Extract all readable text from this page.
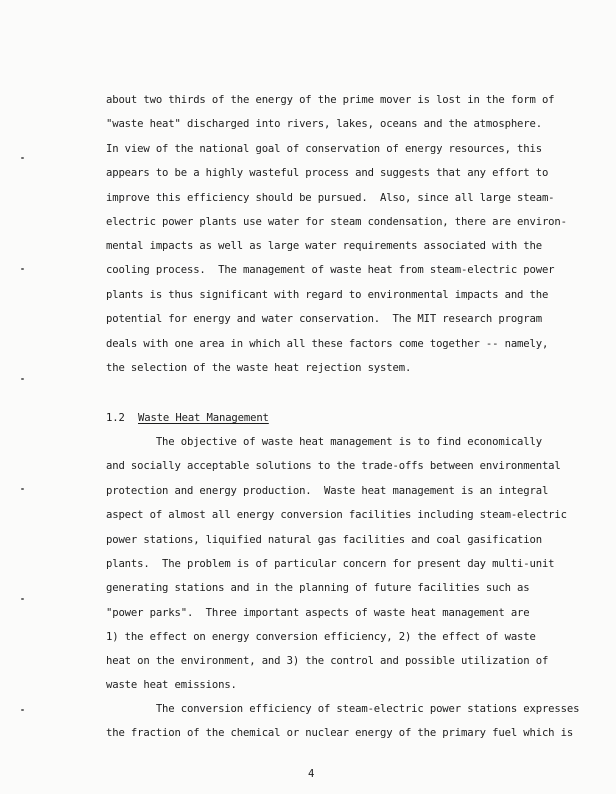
about two thirds of the energy of the prime mover is lost in the form of
"waste heat" discharged into rivers, lakes, oceans and the atmosphere.
In view of the national goal of conservation of energy resources, this
appears to be a highly wasteful process and suggests that any effort to
improve this efficiency should be pursued.  Also, since all large steam-
electric power plants use water for steam condensation, there are environ-
mental impacts as well as large water requirements associated with the
cooling process.  The management of waste heat from steam-electric power
plants is thus significant with regard to environmental impacts and the
potential for energy and water conservation.  The MIT research program
deals with one area in which all these factors come together -- namely,
the selection of the waste heat rejection system.
1.2 Waste Heat Management
The objective of waste heat management is to find economically
and socially acceptable solutions to the trade-offs between environmental
protection and energy production.  Waste heat management is an integral
aspect of almost all energy conversion facilities including steam-electric
power stations, liquified natural gas facilities and coal gasification
plants.  The problem is of particular concern for present day multi-unit
generating stations and in the planning of future facilities such as
"power parks".  Three important aspects of waste heat management are
1) the effect on energy conversion efficiency, 2) the effect of waste
heat on the environment, and 3) the control and possible utilization of
waste heat emissions.
The conversion efficiency of steam-electric power stations expresses
the fraction of the chemical or nuclear energy of the primary fuel which is
4
